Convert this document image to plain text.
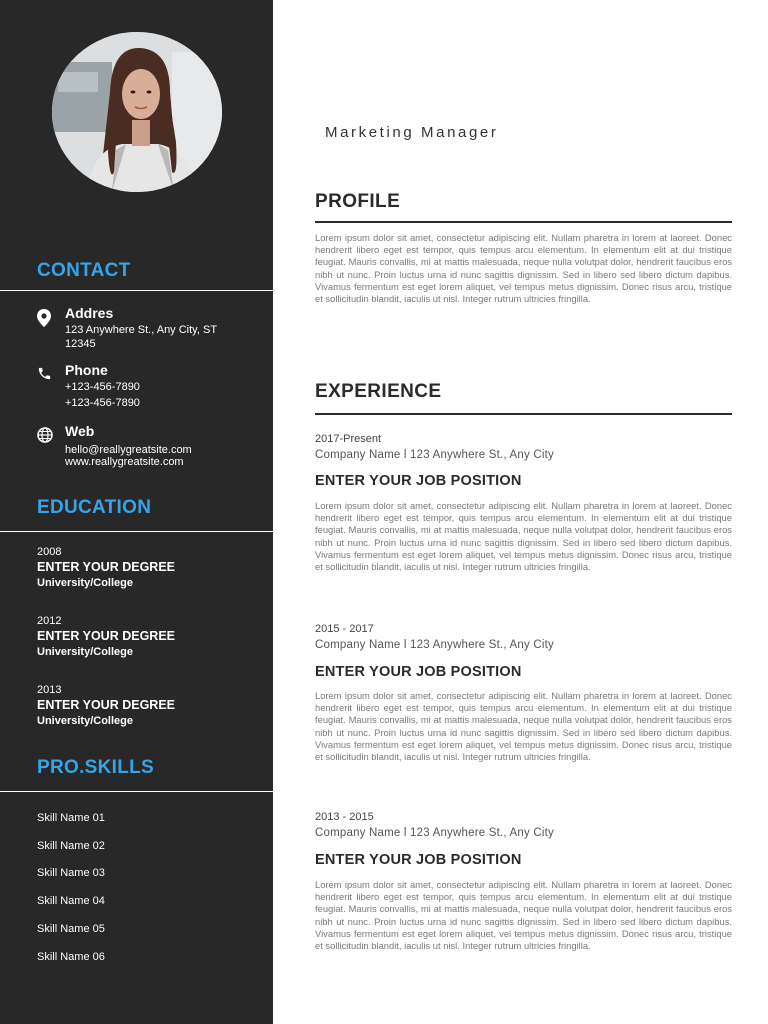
CONTACT
Addres
123 Anywhere St., Any City, ST
12345
Phone
+123-456-7890
+123-456-7890
Web
hello@reallygreatsite.com
www.reallygreatsite.com
EDUCATION
2008
ENTER YOUR DEGREE
University/College
2012
ENTER YOUR DEGREE
University/College
2013
ENTER YOUR DEGREE
University/College
PRO.SKILLS
Skill Name 01
Skill Name 02
Skill Name 03
Skill Name 04
Skill Name 05
Skill Name 06
Marketing Manager
PROFILE
Lorem ipsum dolor sit amet, consectetur adipiscing elit. Nullam pharetra in lorem at laoreet. Donec hendrerit libero eget est tempor, quis tempus arcu elementum. In elementum elit at dui tristique feugiat. Mauris convallis, mi at mattis malesuada, neque nulla volutpat dolor, hendrerit faucibus eros nibh ut nunc. Proin luctus urna id nunc sagittis dignissim. Sed in libero sed libero dictum dapibus. Vivamus fermentum est eget lorem aliquet, vel tempus metus dignissim. Donec risus arcu, tristique et sollicitudin blandit, iaculis ut nisl. Integer rutrum ultricies fringilla.
EXPERIENCE
2017-Present
Company Name l 123 Anywhere St., Any City
ENTER YOUR JOB POSITION
Lorem ipsum dolor sit amet, consectetur adipiscing elit. Nullam pharetra in lorem at laoreet. Donec hendrerit libero eget est tempor, quis tempus arcu elementum. In elementum elit at dui tristique feugiat. Mauris convallis, mi at mattis malesuada, neque nulla volutpat dolor, hendrerit faucibus eros nibh ut nunc. Proin luctus urna id nunc sagittis dignissim. Sed in libero sed libero dictum dapibus. Vivamus fermentum est eget lorem aliquet, vel tempus metus dignissim. Donec risus arcu, tristique et sollicitudin blandit, iaculis ut nisl. Integer rutrum ultricies fringilla.
2015 - 2017
Company Name l 123 Anywhere St., Any City
ENTER YOUR JOB POSITION
Lorem ipsum dolor sit amet, consectetur adipiscing elit. Nullam pharetra in lorem at laoreet. Donec hendrerit libero eget est tempor, quis tempus arcu elementum. In elementum elit at dui tristique feugiat. Mauris convallis, mi at mattis malesuada, neque nulla volutpat dolor, hendrerit faucibus eros nibh ut nunc. Proin luctus urna id nunc sagittis dignissim. Sed in libero sed libero dictum dapibus. Vivamus fermentum est eget lorem aliquet, vel tempus metus dignissim. Donec risus arcu, tristique et sollicitudin blandit, iaculis ut nisl. Integer rutrum ultricies fringilla.
2013 - 2015
Company Name l 123 Anywhere St., Any City
ENTER YOUR JOB POSITION
Lorem ipsum dolor sit amet, consectetur adipiscing elit. Nullam pharetra in lorem at laoreet. Donec hendrerit libero eget est tempor, quis tempus arcu elementum. In elementum elit at dui tristique feugiat. Mauris convallis, mi at mattis malesuada, neque nulla volutpat dolor, hendrerit faucibus eros nibh ut nunc. Proin luctus urna id nunc sagittis dignissim. Sed in libero sed libero dictum dapibus. Vivamus fermentum est eget lorem aliquet, vel tempus metus dignissim. Donec risus arcu, tristique et sollicitudin blandit, iaculis ut nisl. Integer rutrum ultricies fringilla.
